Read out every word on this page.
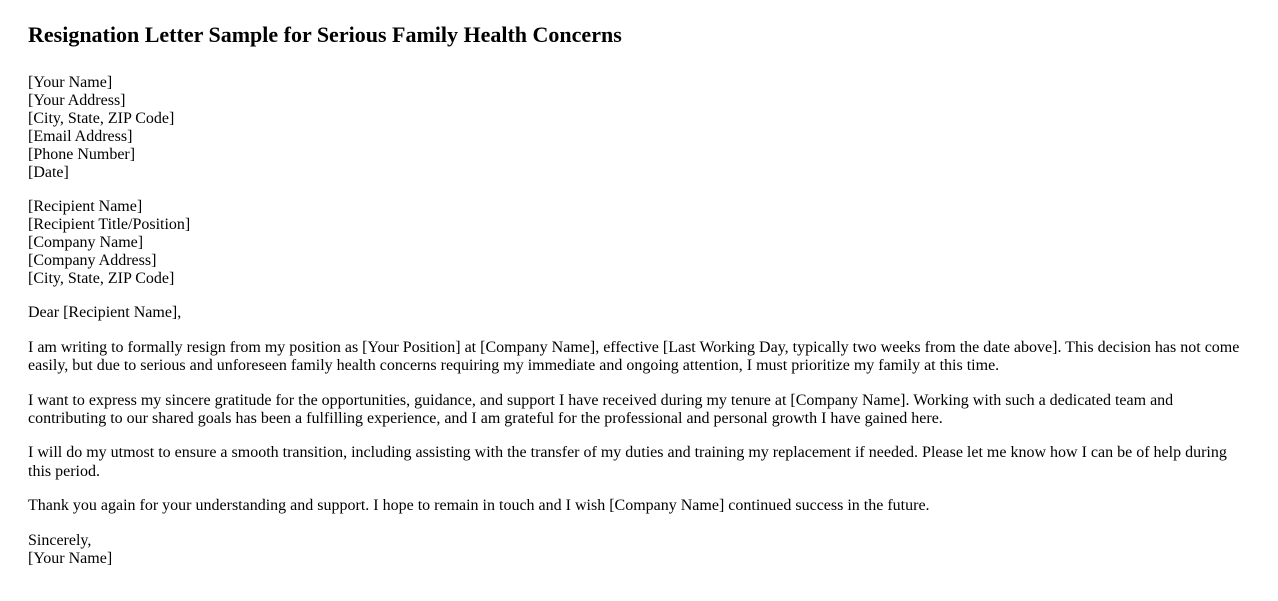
Resignation Letter Sample for Serious Family Health Concerns
[Your Name]
[Your Address]
[City, State, ZIP Code]
[Email Address]
[Phone Number]
[Date]
[Recipient Name]
[Recipient Title/Position]
[Company Name]
[Company Address]
[City, State, ZIP Code]

Dear [Recipient Name],

I am writing to formally resign from my position as [Your Position] at [Company Name], effective [Last Working Day, typically two weeks from the date above]. This decision has not come easily, but due to serious and unforeseen family health concerns requiring my immediate and ongoing attention, I must prioritize my family at this time.

I want to express my sincere gratitude for the opportunities, guidance, and support I have received during my tenure at [Company Name]. Working with such a dedicated team and contributing to our shared goals has been a fulfilling experience, and I am grateful for the professional and personal growth I have gained here.

I will do my utmost to ensure a smooth transition, including assisting with the transfer of my duties and training my replacement if needed. Please let me know how I can be of help during this period.

Thank you again for your understanding and support. I hope to remain in touch and I wish [Company Name] continued success in the future.

Sincerely,
[Your Name]
